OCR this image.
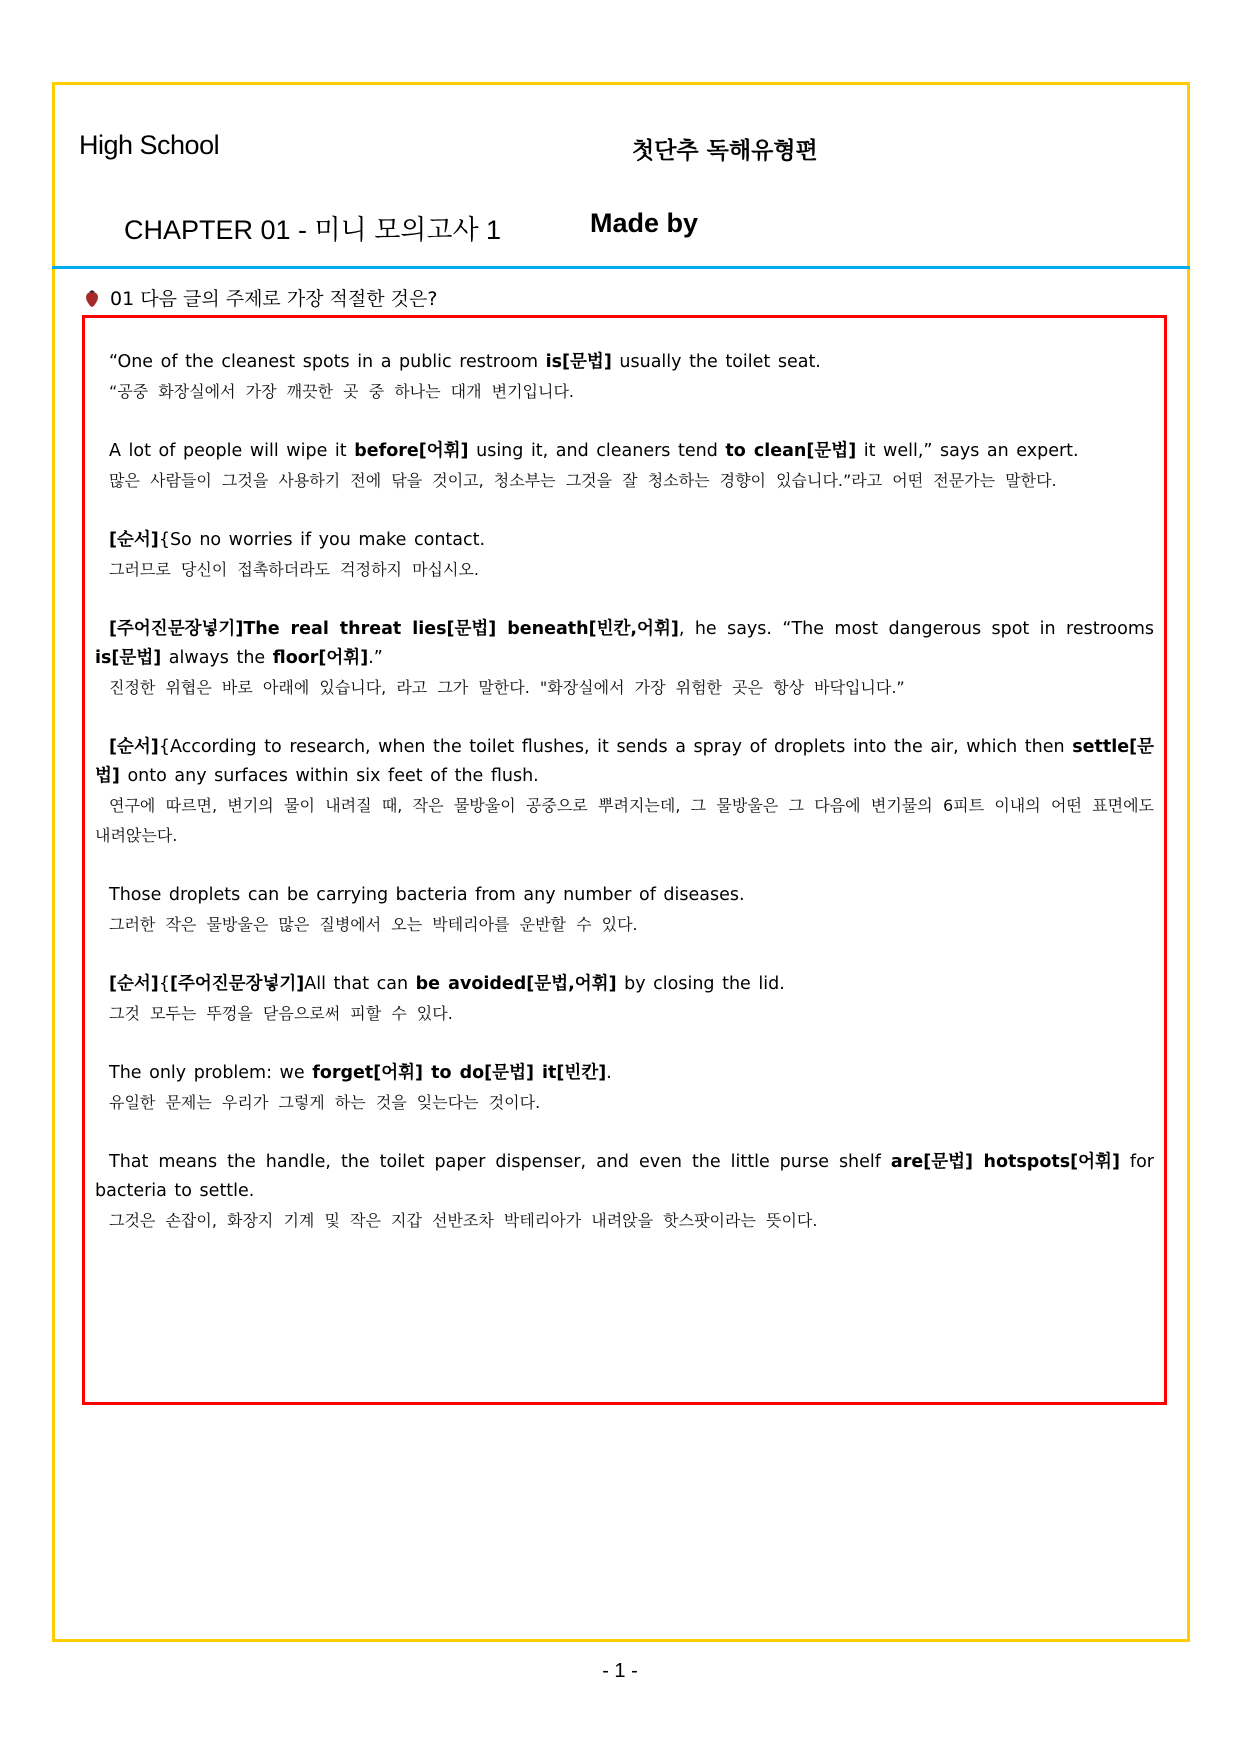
High School	첫단추 독해유형편
CHAPTER 01 - 미니 모의고사 1	Made by
01 다음 글의 주제로 가장 적절한 것은?
“One of the cleanest spots in a public restroom is[문법] usually the toilet seat.
“공중 화장실에서 가장 깨끗한 곳 중 하나는 대개 변기입니다.
A lot of people will wipe it before[어휘] using it, and cleaners tend to clean[문법] it well,” says an expert.
많은 사람들이 그것을 사용하기 전에 닦을 것이고, 청소부는 그것을 잘 청소하는 경향이 있습니다.”라고 어떤 전문가는 말한다.
[순서]{So no worries if you make contact.
그러므로 당신이 접촉하더라도 걱정하지 마십시오.
[주어진문장넣기]The real threat lies[문법] beneath[빈칸,어휘], he says. “The most dangerous spot in restrooms is[문법] always the floor[어휘].”
진정한 위협은 바로 아래에 있습니다, 라고 그가 말한다. "화장실에서 가장 위험한 곳은 항상 바닥입니다.”
[순서]{According to research, when the toilet flushes, it sends a spray of droplets into the air, which then settle[문법] onto any surfaces within six feet of the flush.
연구에 따르면, 변기의 물이 내려질 때, 작은 물방울이 공중으로 뿌려지는데, 그 물방울은 그 다음에 변기물의 6피트 이내의 어떤 표면에도 내려앉는다.
Those droplets can be carrying bacteria from any number of diseases.
그러한 작은 물방울은 많은 질병에서 오는 박테리아를 운반할 수 있다.
[순서]{[주어진문장넣기]All that can be avoided[문법,어휘] by closing the lid.
그것 모두는 뚜껑을 닫음으로써 피할 수 있다.
The only problem: we forget[어휘] to do[문법] it[빈칸].
유일한 문제는 우리가 그렇게 하는 것을 잊는다는 것이다.
That means the handle, the toilet paper dispenser, and even the little purse shelf are[문법] hotspots[어휘] for bacteria to settle.
그것은 손잡이, 화장지 기계 및 작은 지갑 선반조차 박테리아가 내려앉을 핫스팟이라는 뜻이다.
- 1 -
